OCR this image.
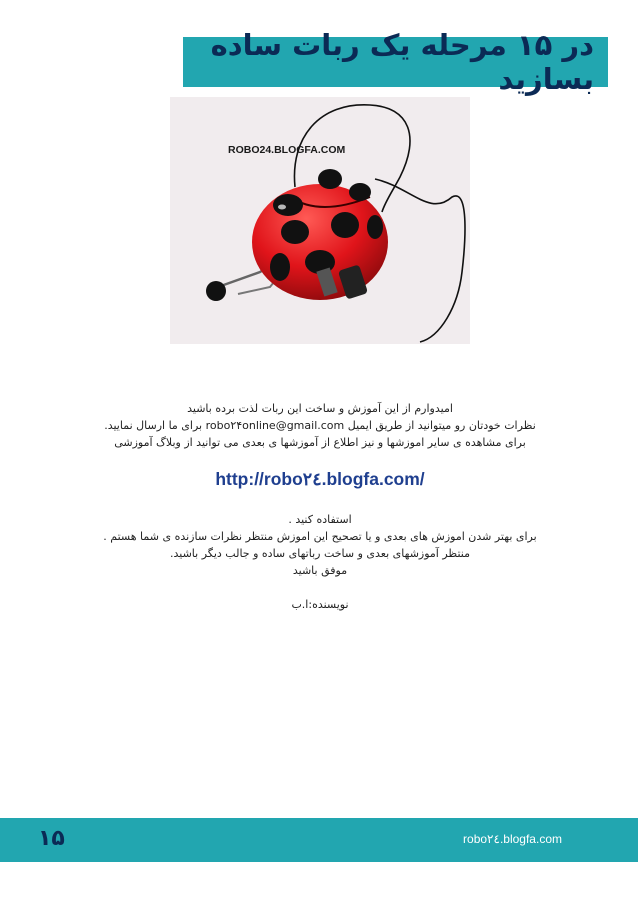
در ۱۵ مرحله یک ربات ساده بسازید
ROBO24.BLOGFA.COM

امیدوارم از این آموزش و ساخت این ربات لذت برده باشید

نظرات خودتان رو میتوانید از طریق ایمیل robo۲۴online@gmail.com برای ما ارسال نمایید.

برای مشاهده ی سایر اموزشها و نیز اطلاع از آموزشها ی بعدی می توانید از وبلاگ آموزشی

http://robo۲٤.blogfa.com/

استفاده کنید .

برای بهتر شدن اموزش های بعدی و یا تصحیح این اموزش منتظر نظرات سازنده ی شما هستم .

منتظر آموزشهای بعدی و ساخت رباتهای ساده و جالب دیگر باشید.

موفق باشید

نویسنده:ا.ب

۱۵	robo۲٤.blogfa.com
